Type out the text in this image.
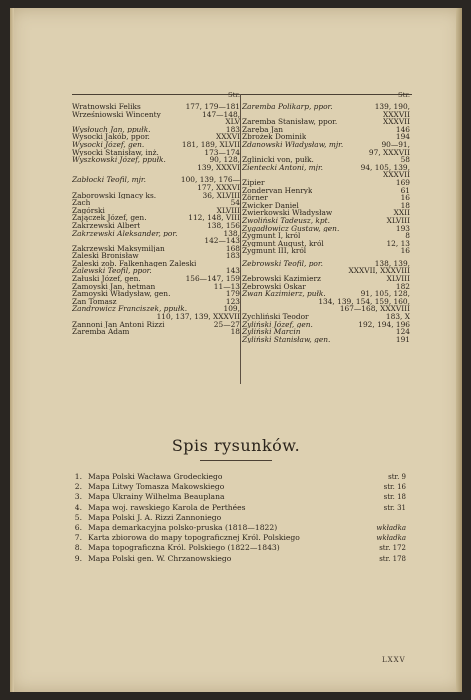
Str.
Wratnowski Feliks	177, 179—181
Wrześniowski Wincenty	147—148,
XLV
Wysłouch Jan, ppułk.	183
Wysocki Jakób, ppor.	XXXVI
Wysocki Józef, gen.	181, 189, XLVII
Wysocki Stanisław, inż.	173—174
Wyszkowski Józef, ppułk.	90, 128,
139, XXXVI
Zabłocki Teofil, mjr.	100, 139, 176—
177, XXXVI
Zaborowski Ignacy ks.	36, XLVIII
Zach	54
Zagórski	XLVIII
Zajączek Józef, gen.	112, 148, VIII
Zakrzewski Albert	138, 156
Zakrzewski Aleksander, por.	138,
142—143
Zakrzewski Maksymiljan	168
Zaleski Bronisław	183
Zaleski zob. Falkenhagen Zaleski
Zalewski Teofil, ppor.	143
Załuski Józef, gen.	156—147, 159
Zamoyski Jan, hetman	11—13
Zamoyski Władysław, gen.	179
Zan Tomasz	123
Zandrowicz Franciszek, ppułk.	109,
110, 137, 139, XXXVII
Zannoni Jan Antoni Rizzi	25—27
Zaremba Adam	18
Str.
Zaremba Polikarp, ppor.	139, 190,
XXXVII
Zaremba Stanisław, ppor.	XXXVII
Zaręba Jan	146
Zbrożek Dominik	194
Zdanowski Władysław, mjr.	90—91,
97, XXXVII
Zglinicki von, pułk.	58
Zientecki Antoni, mjr.	94, 105, 139,
XXXVII
Zipier	169
Zondervan Henryk	61
Zörner	16
Zwicker Daniel	18
Zwierkowski Władysław	XXII
Zwoliński Tadeusz, kpt.	XLVIII
Zygadłowicz Gustaw, gen.	193
Zygmunt I, król	8
Zygmunt August, król	12, 13
Zygmunt III, król	16
Zebrowski Teofil, por.	138, 139,
XXXVII, XXXVIII
Zebrowski Kazimierz	XLVIII
Zebrowski Oskar	182
Zwan Kazimierz, pułk.	91, 105, 128,
134, 139, 154, 159, 160,
167—168, XXXVIII
Zychliński Teodor	183, X
Zyliński Józef, gen.	192, 194, 196
Zyliński Marcin	124
Zyliński Stanisław, gen.	191
Spis rysunków.
1. Mapa Polski Wacława Grodeckiego	str. 9
2. Mapa Litwy Tomasza Makowskiego	str. 16
3. Mapa Ukrainy Wilhelma Beauplana	str. 18
4. Mapa woj. rawskiego Karola de Perthées	str. 31
5. Mapa Polski J. A. Rizzi Zannoniego
6. Mapa demarkacyjna polsko-pruska (1818—1822)	wkładka
7. Karta zbiorowa do mapy topograficznej Król. Polskiego	wkładka
8. Mapa topograficzna Król. Polskiego (1822—1843)	str. 172
9. Mapa Polski gen. W. Chrzanowskiego	str. 178
LXXV
